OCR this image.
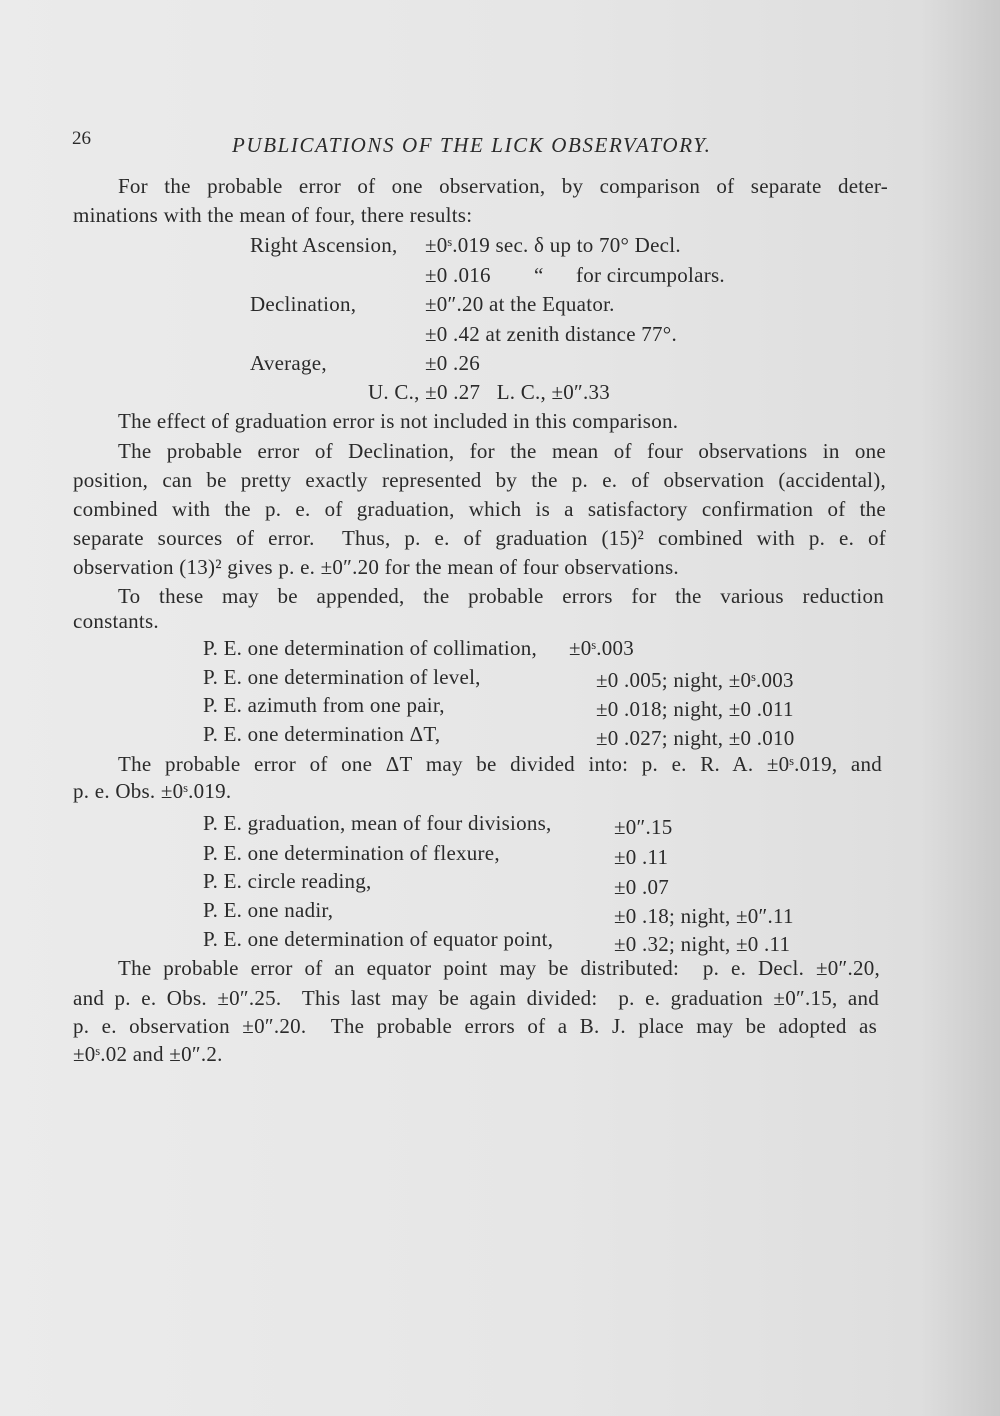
26	PUBLICATIONS OF THE LICK OBSERVATORY.
For the probable error of one observation, by comparison of separate deter-
minations with the mean of four, there results:
Right Ascension, ±0ˢ.019 sec. δ up to 70° Decl.
±0 .016 “ for circumpolars.
Declination,	±0″.20 at the Equator.
±0 .42 at zenith distance 77°.
Average,	±0 .26
U. C., ±0 .27   L. C., ±0″.33
The effect of graduation error is not included in this comparison.
The probable error of Declination, for the mean of four observations in one
position, can be pretty exactly represented by the p. e. of observation (accidental),
combined with the p. e. of graduation, which is a satisfactory confirmation of the
separate sources of error.  Thus, p. e. of graduation (15)² combined with p. e. of
observation (13)² gives p. e. ±0″.20 for the mean of four observations.
To these may be appended, the probable errors for the various reduction
constants.
P. E. one determination of collimation, ±0ˢ.003
P. E. one determination of level,	±0 .005; night, ±0ˢ.003
P. E. azimuth from one pair,	±0 .018; night, ±0 .011
P. E. one determination ΔT,	±0 .027; night, ±0 .010
The probable error of one ΔT may be divided into: p. e. R. A. ±0ˢ.019, and
p. e. Obs. ±0ˢ.019.
P. E. graduation, mean of four divisions,	±0″.15
P. E. one determination of flexure,	±0 .11
P. E. circle reading,	±0 .07
P. E. one nadir,	±0 .18; night, ±0″.11
P. E. one determination of equator point,	±0 .32; night, ±0 .11
The probable error of an equator point may be distributed:  p. e. Decl. ±0″.20,
and p. e. Obs. ±0″.25.  This last may be again divided:  p. e. graduation ±0″.15, and
p. e. observation ±0″.20.  The probable errors of a B. J. place may be adopted as
±0ˢ.02 and ±0″.2.
